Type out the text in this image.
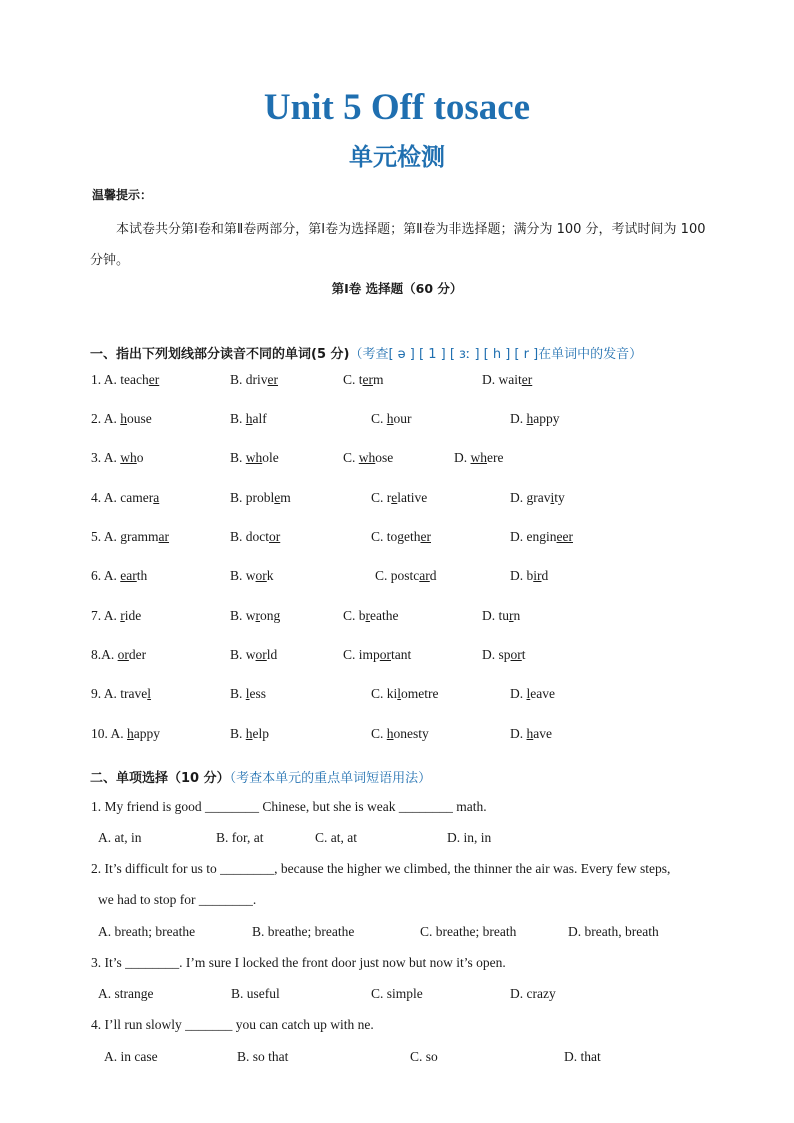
Unit 5 Off tosace
单元检测
温馨提示：
本试卷共分第Ⅰ卷和第Ⅱ卷两部分，第Ⅰ卷为选择题；第Ⅱ卷为非选择题；满分为 100 分，考试时间为 100 分钟。
第Ⅰ卷 选择题（60 分）
一、指出下列划线部分读音不同的单词(5 分)（考查[ ə ] [ 1 ] [ ɜː ] [ h ] [ r ]在单词中的发音）
1. A. teacher	B. driver	C. term	D. waiter
2. A. house	B. half	C. hour	D. happy
3. A. who	B. whole	C. whose	D. where
4. A. camera	B. problem	C. relative	D. gravity
5. A. grammar	B. doctor	C. together	D. engineer
6. A. earth	B. work	C. postcard	D. bird
7. A. ride	B. wrong	C. breathe	D. turn
8.A. order	B. world	C. important	D. sport
9. A. travel	B. less	C. kilometre	D. leave
10. A. happy	B. help	C. honesty	D. have
二、单项选择（10 分）（考查本单元的重点单词短语用法）
1. My friend is good ________ Chinese, but she is weak ________ math.
A. at, in	B. for, at	C. at, at	D. in, in
2. It’s difficult for us to ________, because the higher we climbed, the thinner the air was. Every few steps,
we had to stop for ________.
A. breath; breathe	B. breathe; breathe	C. breathe; breath	D. breath, breath
3. It’s ________. I’m sure I locked the front door just now but now it’s open.
A. strange	B. useful	C. simple	D. crazy
4. I’ll run slowly _______ you can catch up with ne.
A. in case	B. so that	C. so	D. that
